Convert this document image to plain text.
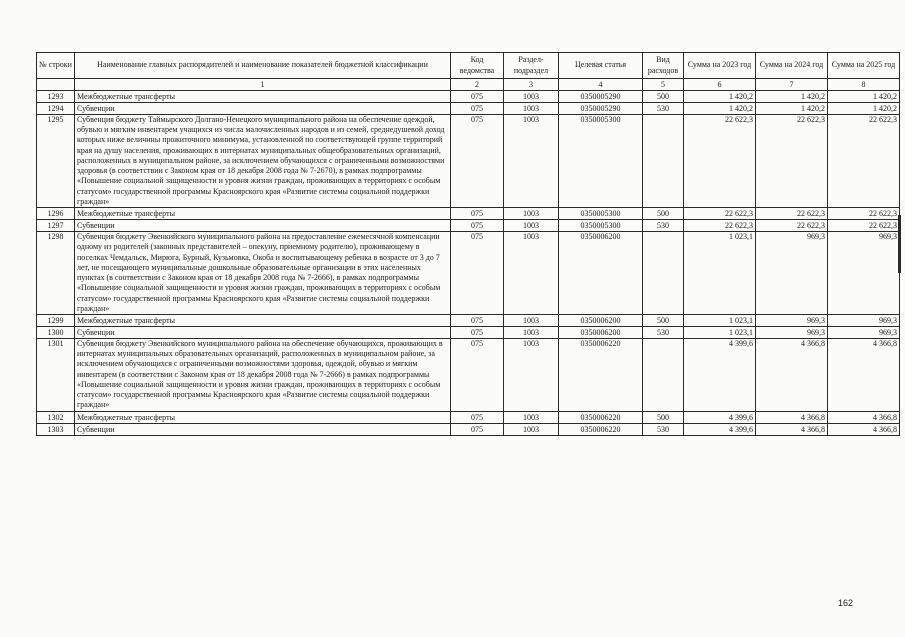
№ строки	Наименование главных распорядителей и наименование показателей бюджетной классификации	Код ведомства	Раздел-подраздел	Целевая статья	Вид расходов	Сумма на 2023 год	Сумма на 2024 год	Сумма на 2025 год
	1	2	3	4	5	6	7	8
1293	Межбюджетные трансферты	075	1003	0350005290	500	1 420,2	1 420,2	1 420,2
1294	Субвенции	075	1003	0350005290	530	1 420,2	1 420,2	1 420,2
1295	Субвенция бюджету Таймырского Долгано-Ненецкого муниципального района на обеспечение одеждой, обувью и мягким инвентарем учащихся из числа малочисленных народов и из семей, среднедушевой доход которых ниже величины прожиточного минимума, установленной по соответствующей группе территорий края на душу населения, проживающих в интернатах муниципальных общеобразовательных организаций, расположенных в муниципальном районе, за исключением обучающихся с ограниченными возможностями здоровья (в соответствии с Законом края от 18 декабря 2008 года № 7-2670), в рамках подпрограммы «Повышение социальной защищенности и уровня жизни граждан, проживающих в территориях с особым статусом» государственной программы Красноярского края «Развитие системы социальной поддержки граждан»	075	1003	0350005300		22 622,3	22 622,3	22 622,3
1296	Межбюджетные трансферты	075	1003	0350005300	500	22 622,3	22 622,3	22 622,3
1297	Субвенции	075	1003	0350005300	530	22 622,3	22 622,3	22 622,3
1298	Субвенция бюджету Эвенкийского муниципального района на предоставление ежемесячной компенсации одному из родителей (законных представителей – опекуну, приемному родителю), проживающему в поселках Чемдальск, Мирюга, Бурный, Кузьмовка, Окоба и воспитывающему ребенка в возрасте от 3 до 7 лет, не посещающего муниципальные дошкольные образовательные организации в этих населенных пунктах (в соответствии с Законом края от 18 декабря 2008 года № 7-2666), в рамках подпрограммы «Повышение социальной защищенности и уровня жизни граждан, проживающих в территориях с особым статусом» государственной программы Красноярского края «Развитие системы социальной поддержки граждан»	075	1003	0350006200		1 023,1	969,3	969,3
1299	Межбюджетные трансферты	075	1003	0350006200	500	1 023,1	969,3	969,3
1300	Субвенции	075	1003	0350006200	530	1 023,1	969,3	969,3
1301	Субвенция бюджету Эвенкийского муниципального района на обеспечение обучающихся, проживающих в интернатах муниципальных образовательных организаций, расположенных в муниципальном районе, за исключением обучающихся с ограниченными возможностями здоровья, одеждой, обувью и мягким инвентарем (в соответствии с Законом края от 18 декабря 2008 года № 7-2666) в рамках подпрограммы «Повышение социальной защищенности и уровня жизни граждан, проживающих в территориях с особым статусом» государственной программы Красноярского края «Развитие системы социальной поддержки граждан»	075	1003	0350006220		4 399,6	4 366,8	4 366,8
1302	Межбюджетные трансферты	075	1003	0350006220	500	4 399,6	4 366,8	4 366,8
1303	Субвенции	075	1003	0350006220	530	4 399,6	4 366,8	4 366,8
162
